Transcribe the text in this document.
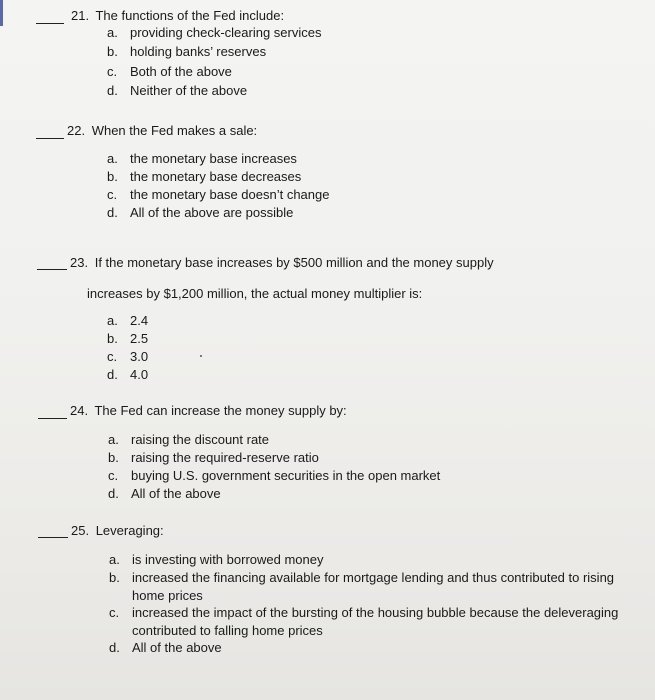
21. The functions of the Fed include:
a. providing check-clearing services
b. holding banks’ reserves
c. Both of the above
d. Neither of the above
22. When the Fed makes a sale:
a. the monetary base increases
b. the monetary base decreases
c. the monetary base doesn’t change
d. All of the above are possible
23. If the monetary base increases by $500 million and the money supply
increases by $1,200 million, the actual money multiplier is:
a. 2.4
b. 2.5
c. 3.0
d. 4.0
24. The Fed can increase the money supply by:
a. raising the discount rate
b. raising the required-reserve ratio
c. buying U.S. government securities in the open market
d. All of the above
25. Leveraging:
a. is investing with borrowed money
b. increased the financing available for mortgage lending and thus contributed to rising home prices
c. increased the impact of the bursting of the housing bubble because the deleveraging contributed to falling home prices
d. All of the above
